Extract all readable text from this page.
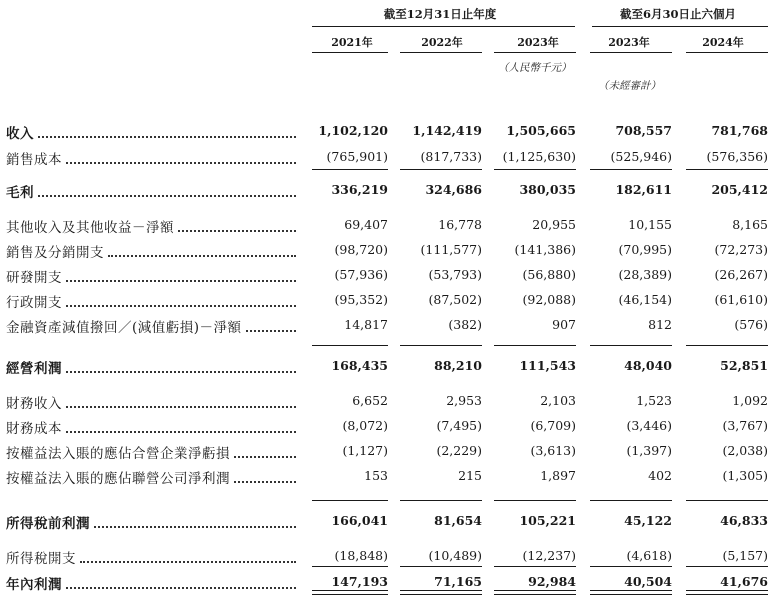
截至12月31日止年度	截至6月30日止六個月
2021年	2022年	2023年	2023年	2024年
（人民幣千元）
（未經審計）
收入	1,102,120	1,142,419	1,505,665	708,557	781,768
銷售成本	(765,901)	(817,733)	(1,125,630)	(525,946)	(576,356)
毛利	336,219	324,686	380,035	182,611	205,412
其他收入及其他收益－淨額	69,407	16,778	20,955	10,155	8,165
銷售及分銷開支	(98,720)	(111,577)	(141,386)	(70,995)	(72,273)
研發開支	(57,936)	(53,793)	(56,880)	(28,389)	(26,267)
行政開支	(95,352)	(87,502)	(92,088)	(46,154)	(61,610)
金融資產減值撥回／(減值虧損)－淨額	14,817	(382)	907	812	(576)
經營利潤	168,435	88,210	111,543	48,040	52,851
財務收入	6,652	2,953	2,103	1,523	1,092
財務成本	(8,072)	(7,495)	(6,709)	(3,446)	(3,767)
按權益法入賬的應佔合營企業淨虧損	(1,127)	(2,229)	(3,613)	(1,397)	(2,038)
按權益法入賬的應佔聯營公司淨利潤	153	215	1,897	402	(1,305)
所得稅前利潤	166,041	81,654	105,221	45,122	46,833
所得稅開支	(18,848)	(10,489)	(12,237)	(4,618)	(5,157)
年內利潤	147,193	71,165	92,984	40,504	41,676
